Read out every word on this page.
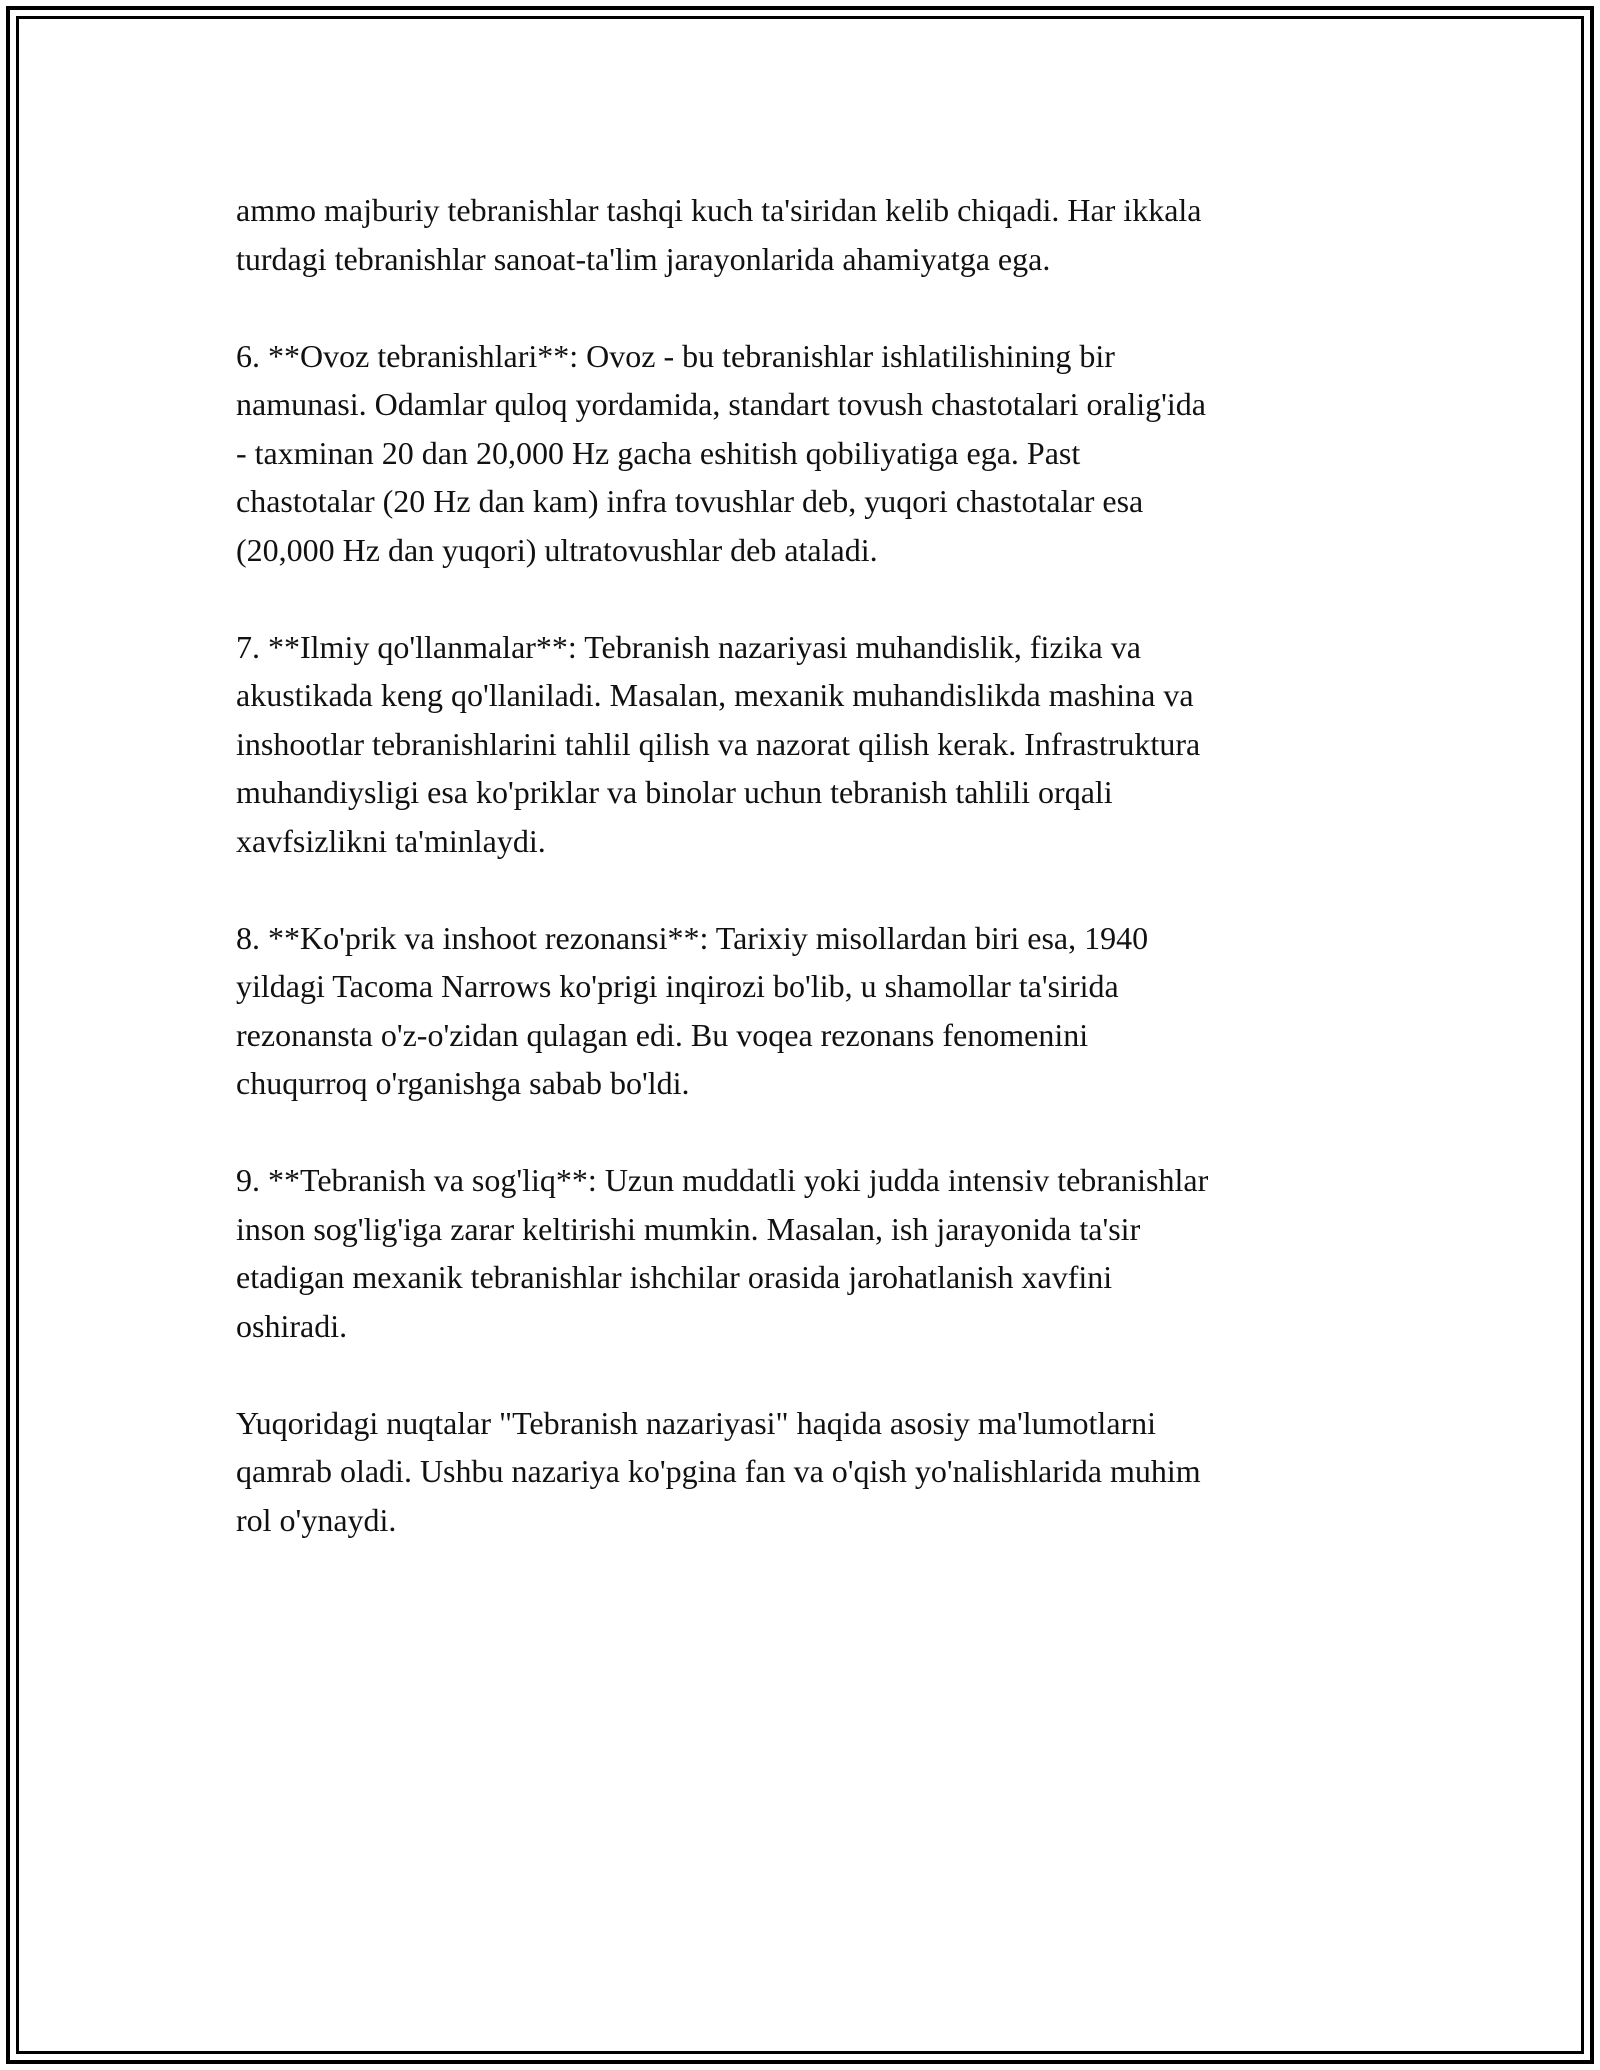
ammo majburiy tebranishlar tashqi kuch ta'siridan kelib chiqadi. Har ikkala
turdagi tebranishlar sanoat-ta'lim jarayonlarida ahamiyatga ega.

6. **Ovoz tebranishlari**: Ovoz - bu tebranishlar ishlatilishining bir
namunasi. Odamlar quloq yordamida, standart tovush chastotalari oralig'ida
- taxminan 20 dan 20,000 Hz gacha eshitish qobiliyatiga ega. Past
chastotalar (20 Hz dan kam) infra tovushlar deb, yuqori chastotalar esa
(20,000 Hz dan yuqori) ultratovushlar deb ataladi.

7. **Ilmiy qo'llanmalar**: Tebranish nazariyasi muhandislik, fizika va
akustikada keng qo'llaniladi. Masalan, mexanik muhandislikda mashina va
inshootlar tebranishlarini tahlil qilish va nazorat qilish kerak. Infrastruktura
muhandiysligi esa ko'priklar va binolar uchun tebranish tahlili orqali
xavfsizlikni ta'minlaydi.

8. **Ko'prik va inshoot rezonansi**: Tarixiy misollardan biri esa, 1940
yildagi Tacoma Narrows ko'prigi inqirozi bo'lib, u shamollar ta'sirida
rezonansta o'z-o'zidan qulagan edi. Bu voqea rezonans fenomenini
chuqurroq o'rganishga sabab bo'ldi.

9. **Tebranish va sog'liq**: Uzun muddatli yoki judda intensiv tebranishlar
inson sog'lig'iga zarar keltirishi mumkin. Masalan, ish jarayonida ta'sir
etadigan mexanik tebranishlar ishchilar orasida jarohatlanish xavfini
oshiradi.

Yuqoridagi nuqtalar "Tebranish nazariyasi" haqida asosiy ma'lumotlarni
qamrab oladi. Ushbu nazariya ko'pgina fan va o'qish yo'nalishlarida muhim
rol o'ynaydi.
